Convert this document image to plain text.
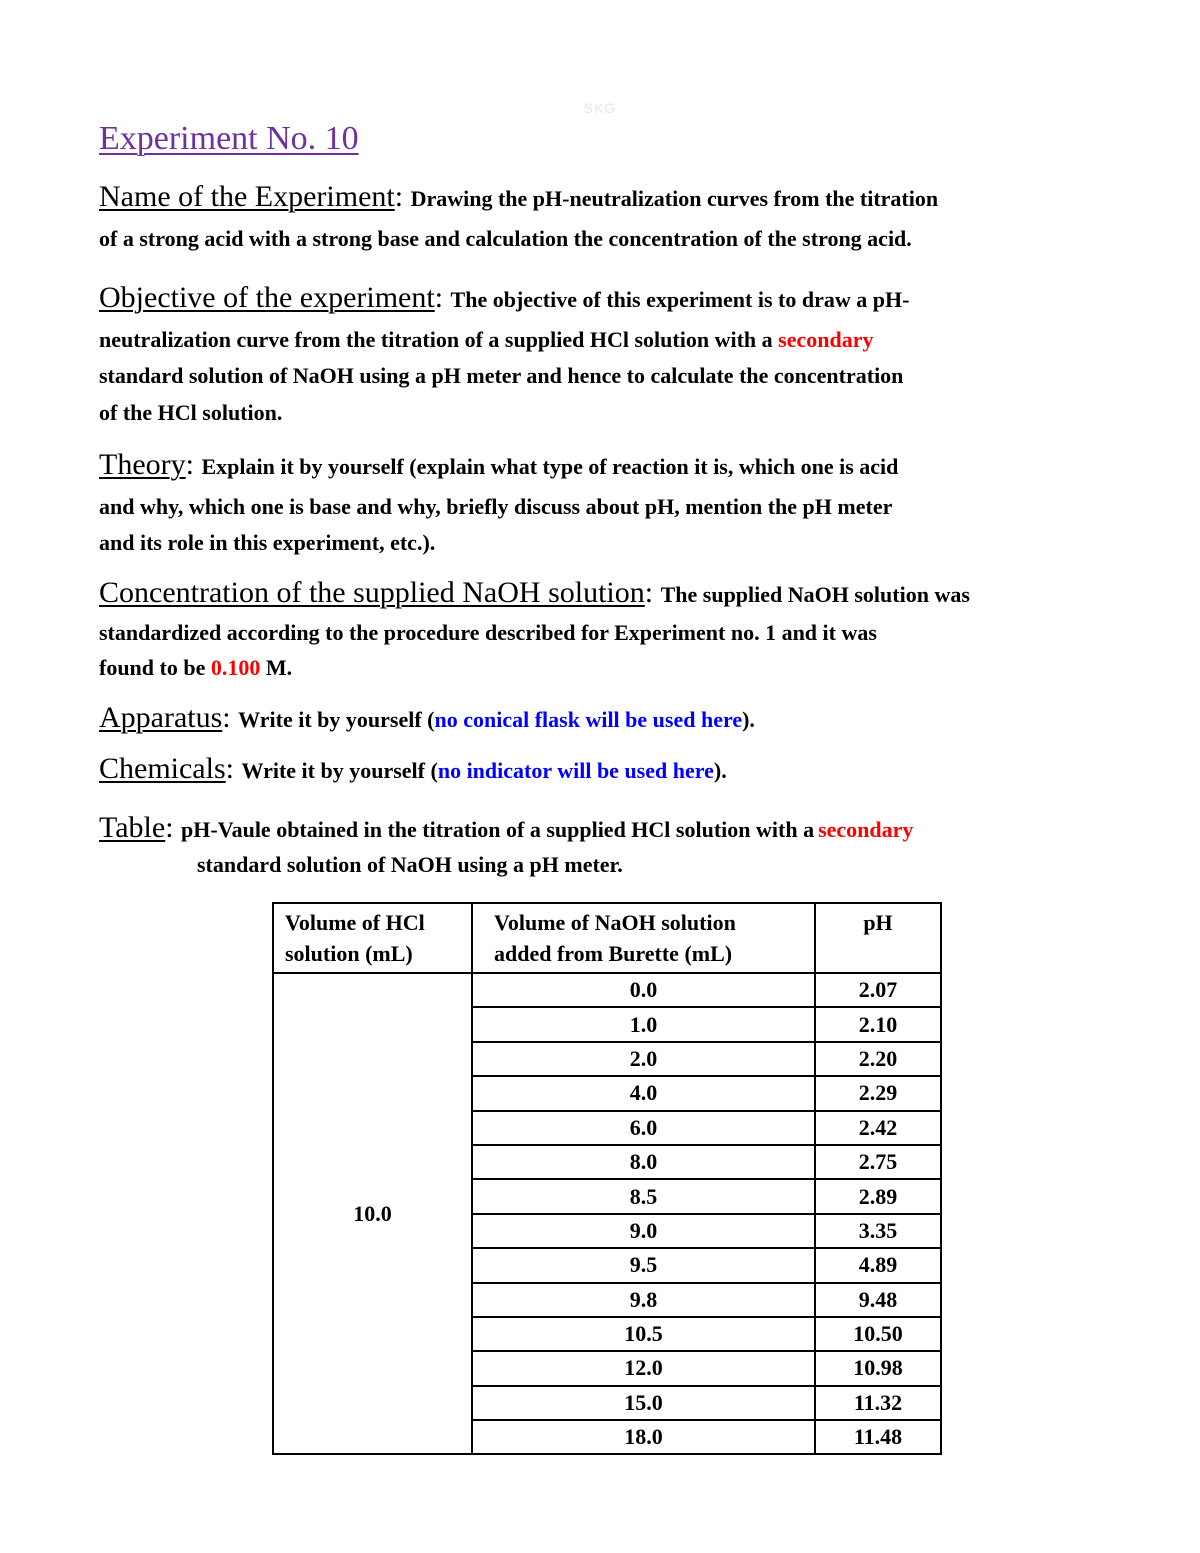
SKG
Experiment No. 10
Name of the Experiment: Drawing the pH-neutralization curves from the titration
of a strong acid with a strong base and calculation the concentration of the strong acid.
Objective of the experiment: The objective of this experiment is to draw a pH-
neutralization curve from the titration of a supplied HCl solution with a secondary
standard solution of NaOH using a pH meter and hence to calculate the concentration
of the HCl solution.
Theory: Explain it by yourself (explain what type of reaction it is, which one is acid
and why, which one is base and why, briefly discuss about pH, mention the pH meter
and its role in this experiment, etc.).
Concentration of the supplied NaOH solution: The supplied NaOH solution was
standardized according to the procedure described for Experiment no. 1 and it was
found to be 0.100 M.
Apparatus: Write it by yourself (no conical flask will be used here).
Chemicals: Write it by yourself (no indicator will be used here).
Table: pH-Vaule obtained in the titration of a supplied HCl solution with a secondary
standard solution of NaOH using a pH meter.
Volume of HCl
solution (mL)	Volume of NaOH solution
added from Burette (mL)	pH
10.0	0.0	2.07
	1.0	2.10
	2.0	2.20
	4.0	2.29
	6.0	2.42
	8.0	2.75
	8.5	2.89
	9.0	3.35
	9.5	4.89
	9.8	9.48
	10.5	10.50
	12.0	10.98
	15.0	11.32
	18.0	11.48
